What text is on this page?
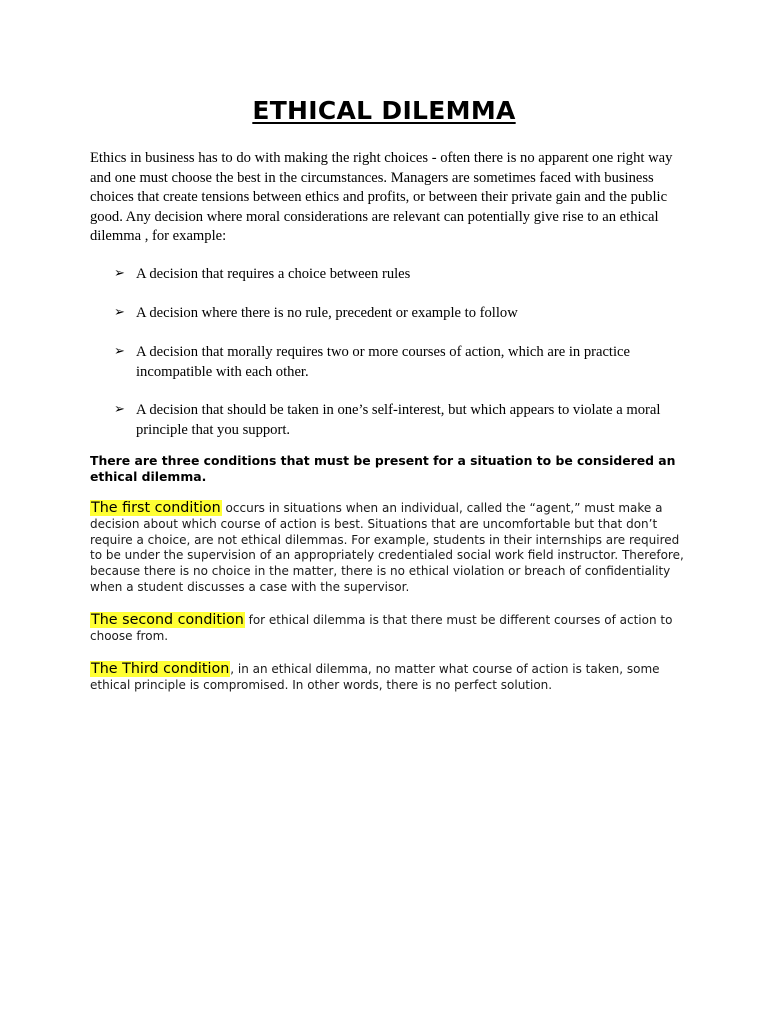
ETHICAL DILEMMA
Ethics in business has to do with making the right choices - often there is no apparent one right way and one must choose the best in the circumstances. Managers are sometimes faced with business choices that create tensions between ethics and profits, or between their private gain and the public good. Any decision where moral considerations are relevant can potentially give rise to an ethical dilemma , for example:
➢ A decision that requires a choice between rules
➢ A decision where there is no rule, precedent or example to follow
➢ A decision that morally requires two or more courses of action, which are in practice incompatible with each other.
➢ A decision that should be taken in one’s self-interest, but which appears to violate a moral principle that you support.
There are three conditions that must be present for a situation to be considered an ethical dilemma.
The first condition occurs in situations when an individual, called the “agent,” must make a decision about which course of action is best. Situations that are uncomfortable but that don’t require a choice, are not ethical dilemmas. For example, students in their internships are required to be under the supervision of an appropriately credentialed social work field instructor. Therefore, because there is no choice in the matter, there is no ethical violation or breach of confidentiality when a student discusses a case with the supervisor.
The second condition for ethical dilemma is that there must be different courses of action to choose from.
The Third condition, in an ethical dilemma, no matter what course of action is taken, some ethical principle is compromised. In other words, there is no perfect solution.
